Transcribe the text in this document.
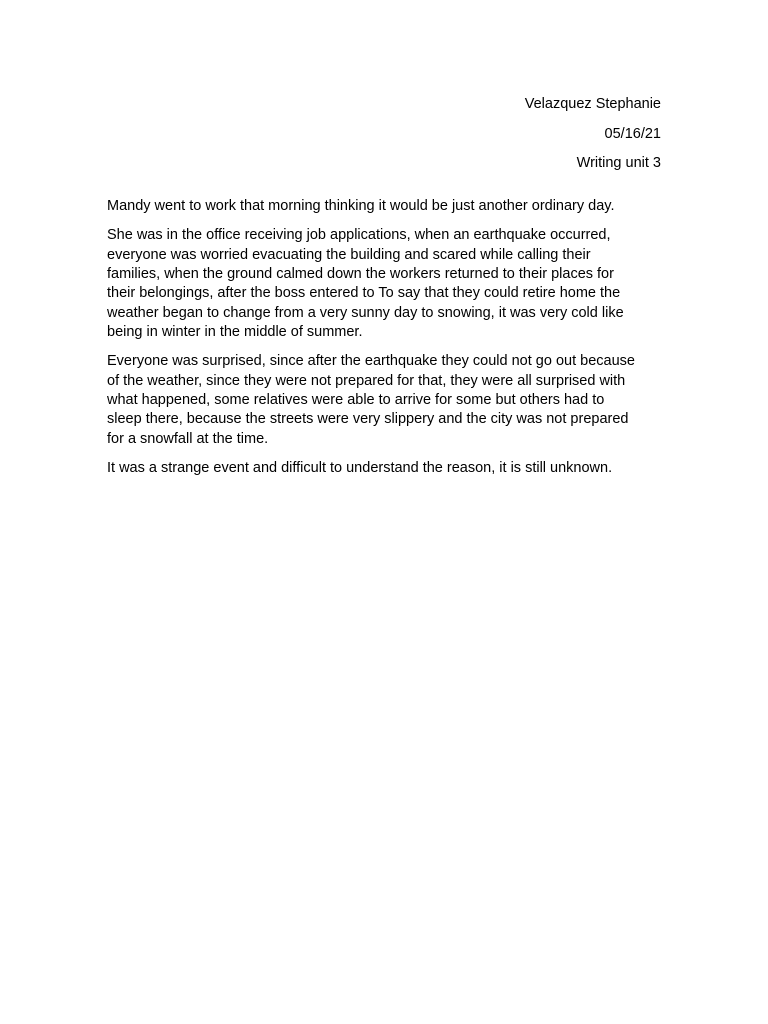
Velazquez Stephanie
05/16/21
Writing unit 3

Mandy went to work that morning thinking it would be just another ordinary day.

She was in the office receiving job applications, when an earthquake occurred,
everyone was worried evacuating the building and scared while calling their
families, when the ground calmed down the workers returned to their places for
their belongings, after the boss entered to To say that they could retire home the
weather began to change from a very sunny day to snowing, it was very cold like
being in winter in the middle of summer.

Everyone was surprised, since after the earthquake they could not go out because
of the weather, since they were not prepared for that, they were all surprised with
what happened, some relatives were able to arrive for some but others had to
sleep there, because the streets were very slippery and the city was not prepared
for a snowfall at the time.

It was a strange event and difficult to understand the reason, it is still unknown.
